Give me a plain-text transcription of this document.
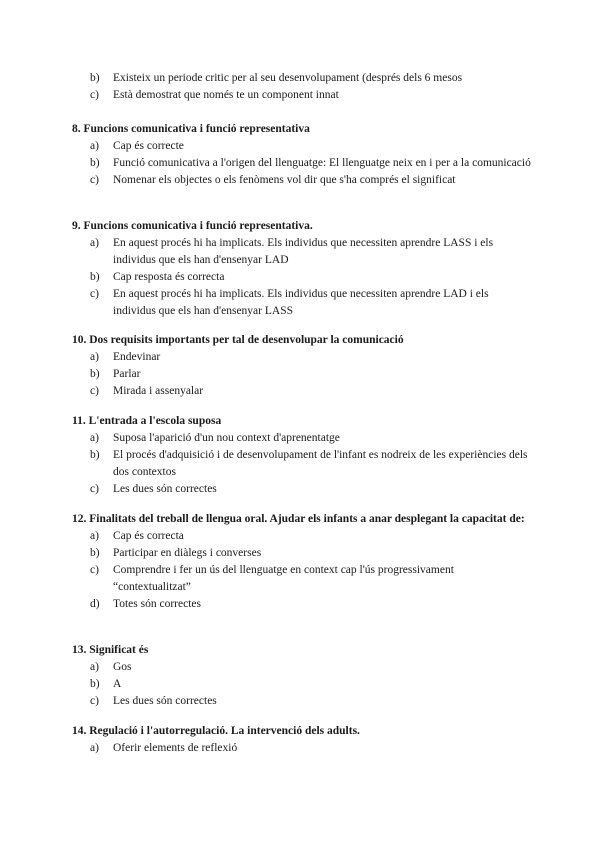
b)	Existeix un periode critic per al seu desenvolupament (després dels 6 mesos
c)	Està demostrat que només te un component innat

8. Funcions comunicativa i funció representativa

a)	Cap és correcte
b)	Funció comunicativa a l'origen del llenguatge: El llenguatge neix en i per a la comunicació
c)	Nomenar els objectes o els fenòmens vol dir que s'ha comprés el significat

9. Funcions comunicativa i funció representativa.

a)	En aquest procés hi ha implicats. Els individus que necessiten aprendre LASS i els individus que els han d'ensenyar LAD
b)	Cap resposta és correcta
c)	En aquest procés hi ha implicats. Els individus que necessiten aprendre LAD i els individus que els han d'ensenyar LASS

10. Dos requisits importants per tal de desenvolupar la comunicació

a)	Endevinar
b)	Parlar
c)	Mirada i assenyalar

11. L'entrada a l'escola suposa

a)	Suposa l'aparició d'un nou context d'aprenentatge
b)	El procés d'adquisició i de desenvolupament de l'infant es nodreix de les experiències dels dos contextos
c)	Les dues són correctes

12. Finalitats del treball de llengua oral. Ajudar els infants a anar desplegant la capacitat de:

a)	Cap és correcta
b)	Participar en diàlegs i converses
c)	Comprendre i fer un ús del llenguatge en context cap l'ús progressivament “contextualitzat”
d)	Totes són correctes

13. Significat és

a)	Gos
b)	A
c)	Les dues són correctes

14. Regulació i l'autorregulació. La intervenció dels adults.

a)	Oferir elements de reflexió
